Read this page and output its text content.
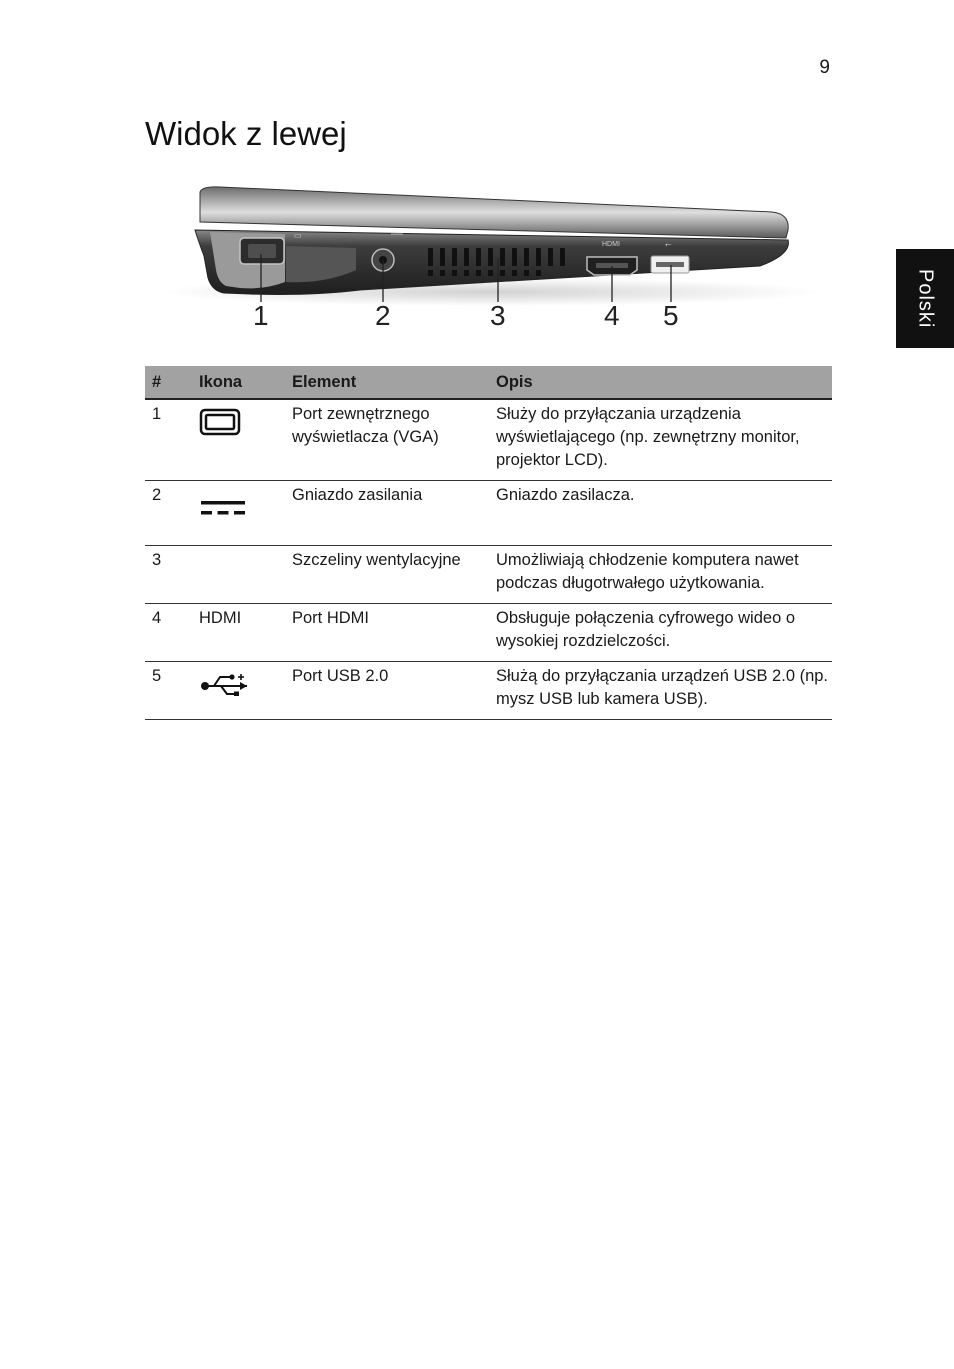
9
Widok z lewej
Polski
▭
HDMI	⭠
1	2	3	4 5
#	Ikona	Element	Opis
1		Port zewnętrznego wyświetlacza (VGA)	Służy do przyłączania urządzenia wyświetlającego (np. zewnętrzny monitor, projektor LCD).
2		Gniazdo zasilania	Gniazdo zasilacza.
3		Szczeliny wentylacyjne	Umożliwiają chłodzenie komputera nawet podczas długotrwałego użytkowania.
4	HDMI	Port HDMI	Obsługuje połączenia cyfrowego wideo o wysokiej rozdzielczości.
5		Port USB 2.0	Służą do przyłączania urządzeń USB 2.0 (np. mysz USB lub kamera USB).
